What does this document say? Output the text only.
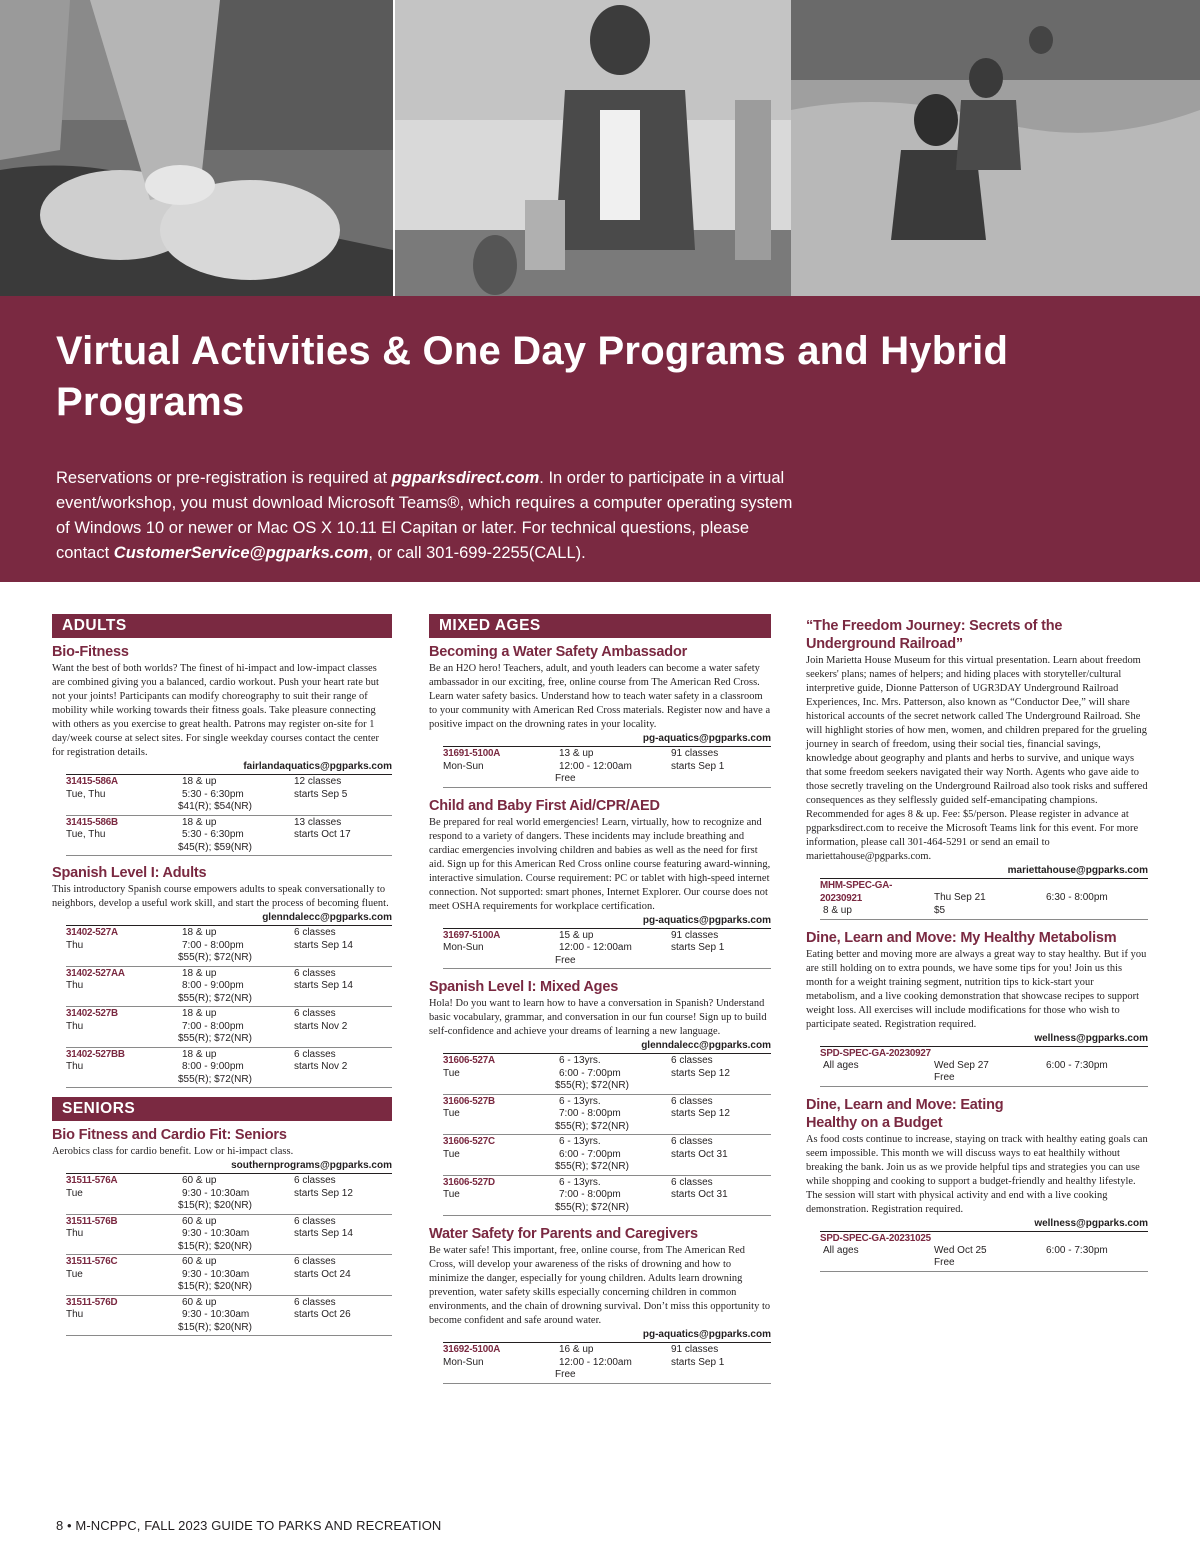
Virtual Activities & One Day Programs and Hybrid Programs

Reservations or pre-registration is required at pgparksdirect.com. In order to participate in a virtual event/workshop, you must download Microsoft Teams®, which requires a computer operating system of Windows 10 or newer or Mac OS X 10.11 El Capitan or later. For technical questions, please contact CustomerService@pgparks.com, or call 301-699-2255(CALL).

ADULTS
Bio-Fitness
Want the best of both worlds? The finest of hi-impact and low-impact classes are combined giving you a balanced, cardio workout. Push your heart rate but not your joints! Participants can modify choreography to suit their range of mobility while working towards their fitness goals. Take pleasure connecting with others as you exercise to great health. Patrons may register on-site for 1 day/week course at select sites. For single weekday courses contact the center for registration details.
fairlandaquatics@pgparks.com
31415-586A
Tue, Thu
18 & up
5:30 - 6:30pm
$41(R); $54(NR)
12 classes
starts Sep 5
31415-586B
Tue, Thu
18 & up
5:30 - 6:30pm
$45(R); $59(NR)
13 classes
starts Oct 17
Spanish Level I: Adults
This introductory Spanish course empowers adults to speak conversationally to neighbors, develop a useful work skill, and start the process of becoming fluent.
glenndalecc@pgparks.com
31402-527A
Thu
18 & up
7:00 - 8:00pm
$55(R); $72(NR)
6 classes
starts Sep 14
31402-527AA
Thu
18 & up
8:00 - 9:00pm
$55(R); $72(NR)
6 classes
starts Sep 14
31402-527B
Thu
18 & up
7:00 - 8:00pm
$55(R); $72(NR)
6 classes
starts Nov 2
31402-527BB
Thu
18 & up
8:00 - 9:00pm
$55(R); $72(NR)
6 classes
starts Nov 2
SENIORS
Bio Fitness and Cardio Fit: Seniors
Aerobics class for cardio benefit. Low or hi-impact class.
southernprograms@pgparks.com
31511-576A
Tue
60 & up
9:30 - 10:30am
$15(R); $20(NR)
6 classes
starts Sep 12
31511-576B
Thu
60 & up
9:30 - 10:30am
$15(R); $20(NR)
6 classes
starts Sep 14
31511-576C
Tue
60 & up
9:30 - 10:30am
$15(R); $20(NR)
6 classes
starts Oct 24
31511-576D
Thu
60 & up
9:30 - 10:30am
$15(R); $20(NR)
6 classes
starts Oct 26
MIXED AGES
Becoming a Water Safety Ambassador
Be an H2O hero! Teachers, adult, and youth leaders can become a water safety ambassador in our exciting, free, online course from The American Red Cross. Learn water safety basics. Understand how to teach water safety in a classroom to your community with American Red Cross materials. Register now and have a positive impact on the drowning rates in your locality.
pg-aquatics@pgparks.com
31691-5100A
Mon-Sun
13 & up
12:00 - 12:00am
Free
91 classes
starts Sep 1
Child and Baby First Aid/CPR/AED
Be prepared for real world emergencies! Learn, virtually, how to recognize and respond to a variety of dangers. These incidents may include breathing and cardiac emergencies involving children and babies as well as the need for first aid. Sign up for this American Red Cross online course featuring award-winning, interactive simulation. Course requirement: PC or tablet with high-speed internet connection. Not supported: smart phones, Internet Explorer. Our course does not meet OSHA requirements for workplace certification.
pg-aquatics@pgparks.com
31697-5100A
Mon-Sun
15 & up
12:00 - 12:00am
Free
91 classes
starts Sep 1
Spanish Level I: Mixed Ages
Hola! Do you want to learn how to have a conversation in Spanish? Understand basic vocabulary, grammar, and conversation in our fun course! Sign up to build self-confidence and achieve your dreams of learning a new language.
glenndalecc@pgparks.com
31606-527A
Tue
6 - 13yrs.
6:00 - 7:00pm
$55(R); $72(NR)
6 classes
starts Sep 12
31606-527B
Tue
6 - 13yrs.
7:00 - 8:00pm
$55(R); $72(NR)
6 classes
starts Sep 12
31606-527C
Tue
6 - 13yrs.
6:00 - 7:00pm
$55(R); $72(NR)
6 classes
starts Oct 31
31606-527D
Tue
6 - 13yrs.
7:00 - 8:00pm
$55(R); $72(NR)
6 classes
starts Oct 31
Water Safety for Parents and Caregivers
Be water safe! This important, free, online course, from The American Red Cross, will develop your awareness of the risks of drowning and how to minimize the danger, especially for young children. Adults learn drowning prevention, water safety skills especially concerning children in common environments, and the chain of drowning survival. Don’t miss this opportunity to become confident and safe around water.
pg-aquatics@pgparks.com
31692-5100A
Mon-Sun
16 & up
12:00 - 12:00am
Free
91 classes
starts Sep 1
“The Freedom Journey: Secrets of the Underground Railroad”
Join Marietta House Museum for this virtual presentation. Learn about freedom seekers' plans; names of helpers; and hiding places with storyteller/cultural interpretive guide, Dionne Patterson of UGR3DAY Underground Railroad Experiences, Inc. Mrs. Patterson, also known as “Conductor Dee,” will share historical accounts of the secret network called The Underground Railroad. She will highlight stories of how men, women, and children prepared for the grueling journey in search of freedom, using their social ties, financial savings, knowledge about geography and plants and herbs to survive, and unique ways that some freedom seekers navigated their way North. Agents who gave aide to those secretly traveling on the Underground Railroad also took risks and suffered consequences as they selflessly guided self-emancipating champions. Recommended for ages 8 & up. Fee: $5/person. Please register in advance at pgparksdirect.com to receive the Microsoft Teams link for this event. For more information, please call 301-464-5291 or send an email to mariettahouse@pgparks.com.
mariettahouse@pgparks.com
MHM-SPEC-GA-20230921
8 & up
Thu Sep 21
$5
6:30 - 8:00pm
Dine, Learn and Move: My Healthy Metabolism
Eating better and moving more are always a great way to stay healthy. But if you are still holding on to extra pounds, we have some tips for you! Join us this month for a weight training segment, nutrition tips to kick-start your metabolism, and a live cooking demonstration that showcase recipes to support weight loss. All exercises will include modifications for those who wish to participate seated. Registration required.
wellness@pgparks.com
SPD-SPEC-GA-20230927
All ages	Wed Sep 27
Free
6:00 - 7:30pm
Dine, Learn and Move: Eating Healthy on a Budget
As food costs continue to increase, staying on track with healthy eating goals can seem impossible. This month we will discuss ways to eat healthily without breaking the bank. Join us as we provide helpful tips and strategies you can use while shopping and cooking to support a budget-friendly and healthy lifestyle. The session will start with physical activity and end with a live cooking demonstration. Registration required.
wellness@pgparks.com
SPD-SPEC-GA-20231025
All ages	Wed Oct 25
Free
6:00 - 7:30pm
8 • M-NCPPC, FALL 2023 GUIDE TO PARKS AND RECREATION
